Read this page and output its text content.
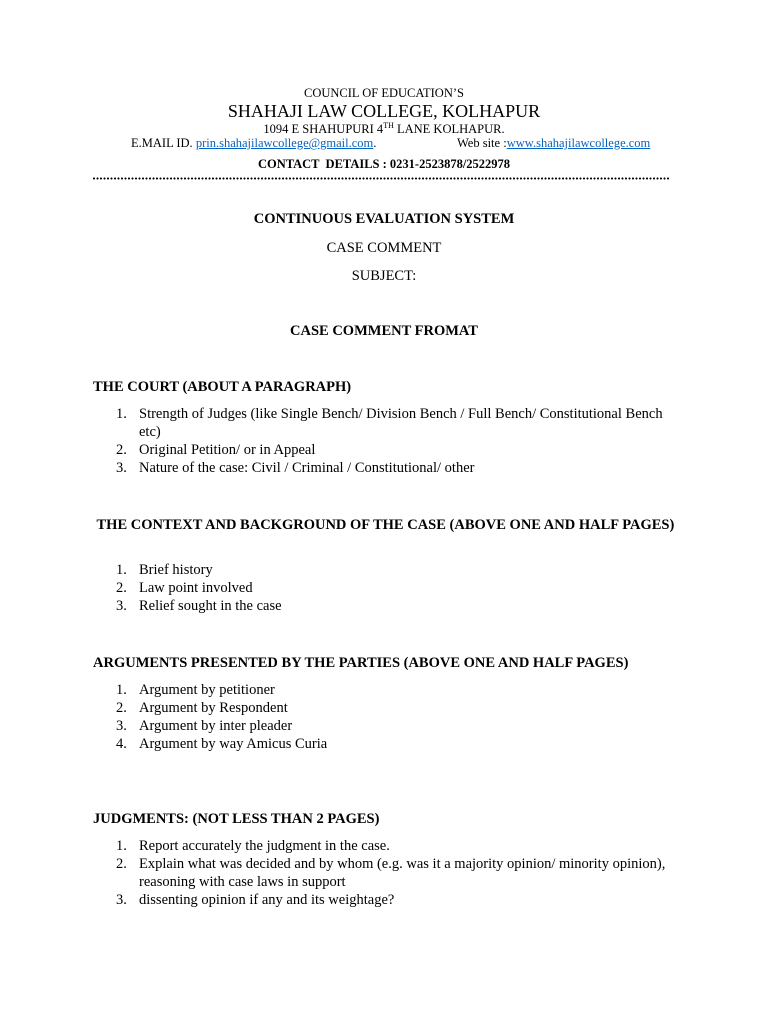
COUNCIL OF EDUCATION’S
SHAHAJI LAW COLLEGE, KOLHAPUR
1094 E SHAHUPURI 4TH LANE KOLHAPUR.
E.MAIL ID. prin.shahajilawcollege@gmail.com.	Web site :www.shahajilawcollege.com
CONTACT  DETAILS : 0231-2523878/2522978
CONTINUOUS EVALUATION SYSTEM
CASE COMMENT
SUBJECT:
CASE COMMENT FROMAT
THE COURT (ABOUT A PARAGRAPH)
1. Strength of Judges (like Single Bench/ Division Bench / Full Bench/ Constitutional Bench etc)
2. Original Petition/ or in Appeal
3. Nature of the case: Civil / Criminal / Constitutional/ other
THE CONTEXT AND BACKGROUND OF THE CASE (ABOVE ONE AND HALF PAGES)
1. Brief history
2. Law point involved
3. Relief sought in the case
ARGUMENTS PRESENTED BY THE PARTIES (ABOVE ONE AND HALF PAGES)
1. Argument by petitioner
2. Argument by Respondent
3. Argument by inter pleader
4. Argument by way Amicus Curia
JUDGMENTS: (NOT LESS THAN 2 PAGES)
1. Report accurately the judgment in the case.
2. Explain what was decided and by whom (e.g. was it a majority opinion/ minority opinion), reasoning with case laws in support
3. dissenting opinion if any and its weightage?
